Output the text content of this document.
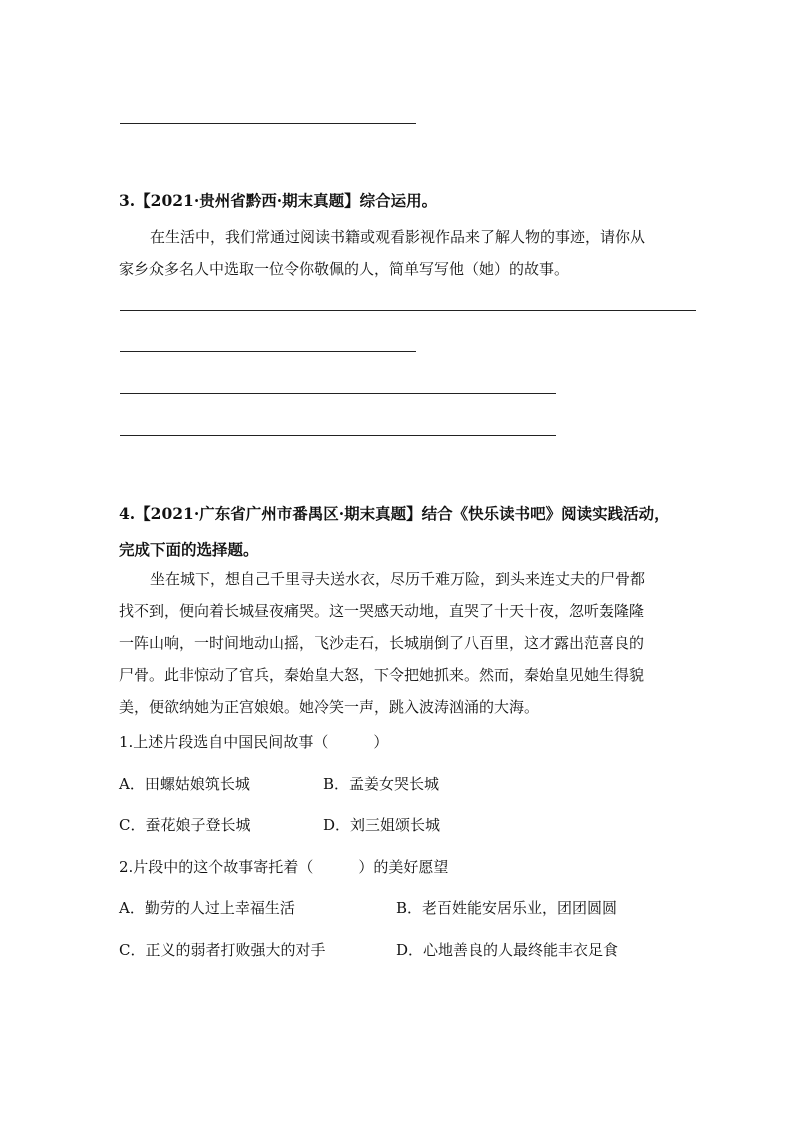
3.【2021·贵州省黔西·期末真题】综合运用。
在生活中，我们常通过阅读书籍或观看影视作品来了解人物的事迹，请你从
家乡众多名人中选取一位令你敬佩的人，简单写写他（她）的故事。
4.【2021·广东省广州市番禺区·期末真题】结合《快乐读书吧》阅读实践活动，
完成下面的选择题。
坐在城下，想自己千里寻夫送水衣，尽历千难万险，到头来连丈夫的尸骨都
找不到，便向着长城昼夜痛哭。这一哭感天动地，直哭了十天十夜，忽听轰隆隆
一阵山响，一时间地动山摇，飞沙走石，长城崩倒了八百里，这才露出范喜良的
尸骨。此非惊动了官兵，秦始皇大怒，下令把她抓来。然而，秦始皇见她生得貌
美，便欲纳她为正宫娘娘。她冷笑一声，跳入波涛汹涌的大海。
1.上述片段选自中国民间故事（　　　）
A．田螺姑娘筑长城	B．孟姜女哭长城
C．蚕花娘子登长城	D．刘三姐颂长城
2.片段中的这个故事寄托着（　　　）的美好愿望
A．勤劳的人过上幸福生活	B．老百姓能安居乐业，团团圆圆
C．正义的弱者打败强大的对手	D．心地善良的人最终能丰衣足食
